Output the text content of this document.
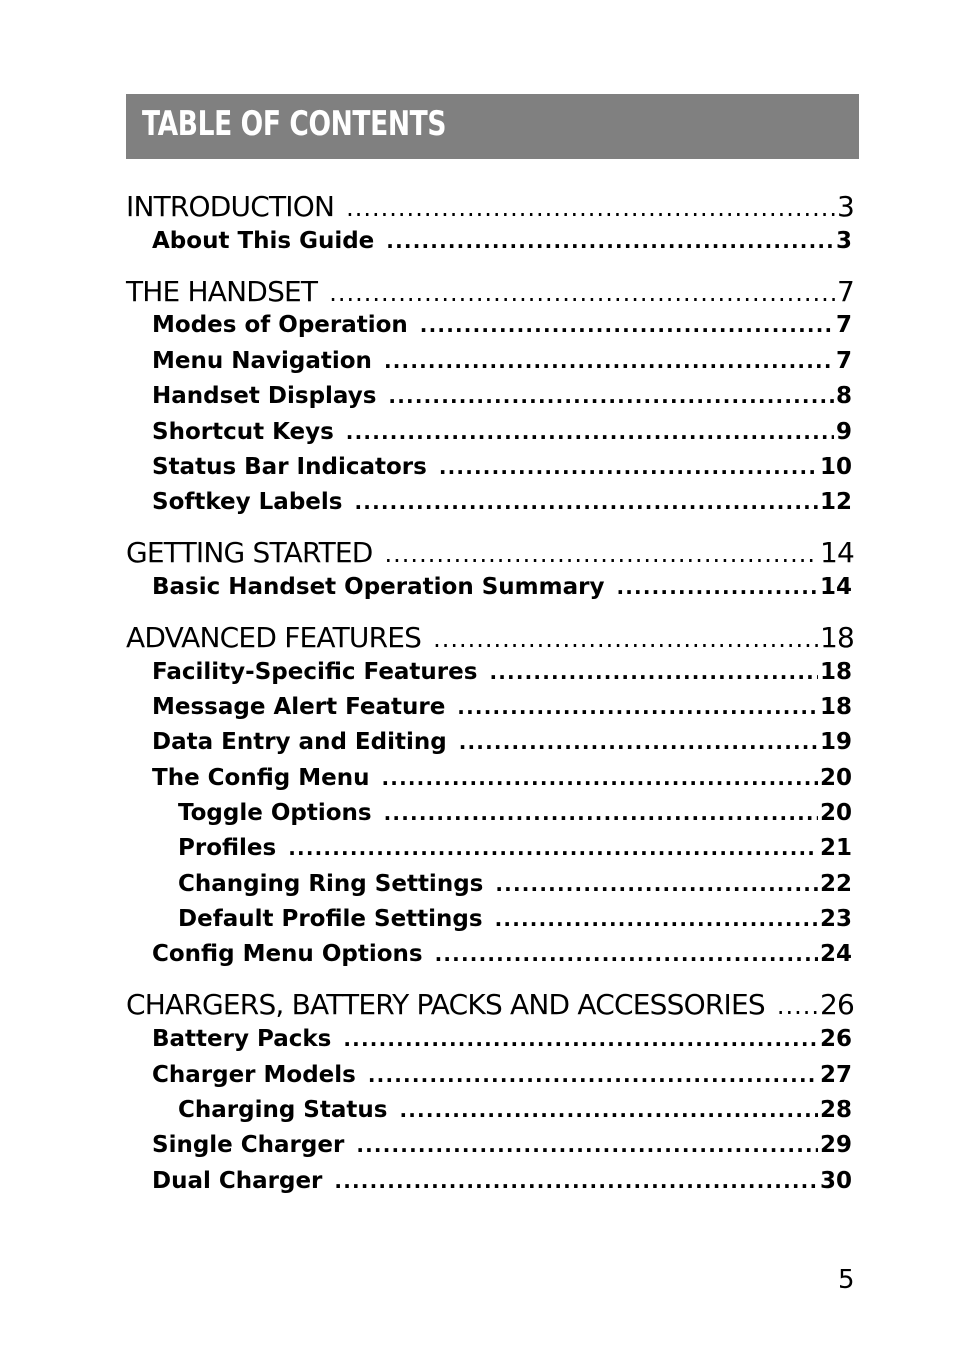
TABLE OF CONTENTS
INTRODUCTION .....	3
About This Guide .....	3
THE HANDSET .....	7
Modes of Operation .....	7
Menu Navigation .....	7
Handset Displays .....	8
Shortcut Keys .....	9
Status Bar Indicators .....	10
Softkey Labels .....	12
GETTING STARTED .....	14
Basic Handset Operation Summary .....	14
ADVANCED FEATURES .....	18
Facility-Specific Features .....	18
Message Alert Feature .....	18
Data Entry and Editing .....	19
The Config Menu .....	20
Toggle Options .....	20
Profiles .....	21
Changing Ring Settings .....	22
Default Profile Settings .....	23
Config Menu Options .....	24
CHARGERS, BATTERY PACKS AND ACCESSORIES ..... 26
Battery Packs .....	26
Charger Models .....	27
Charging Status .....	28
Single Charger .....	29
Dual Charger .....	30
5
